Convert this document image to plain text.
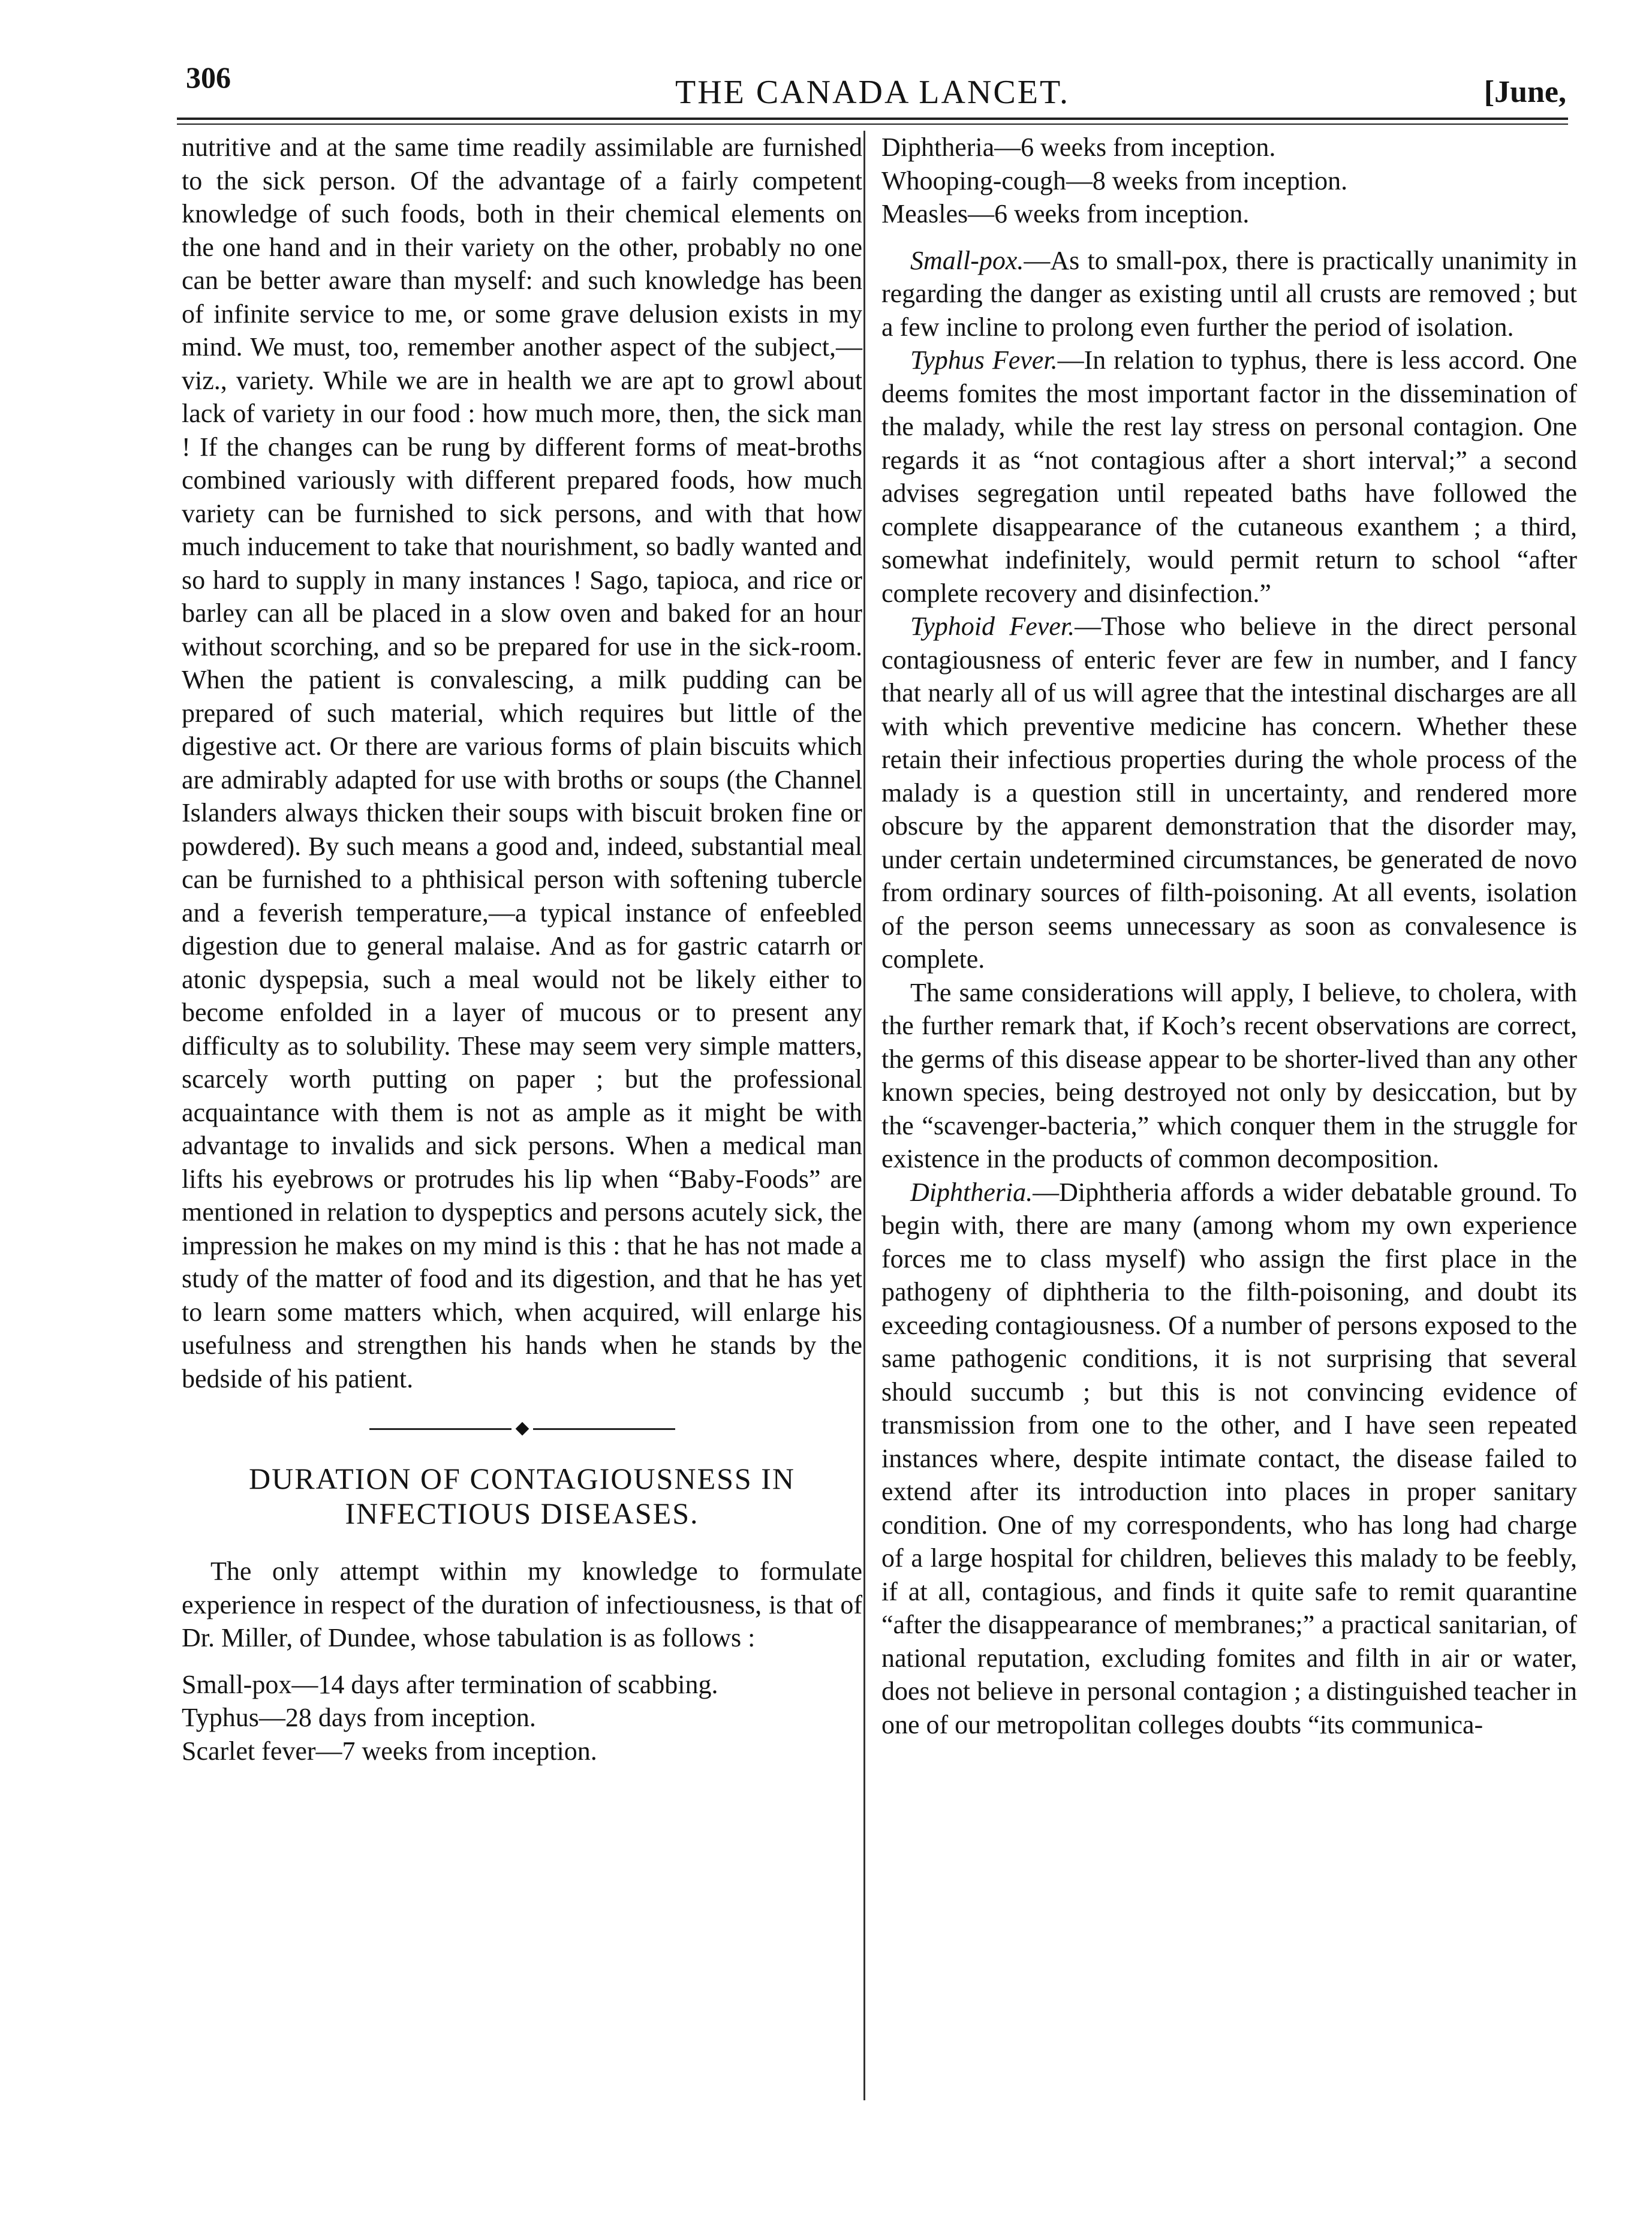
306	THE CANADA LANCET.	[June,

nutritive and at the same time readily assimilable are furnished to the sick person. Of the advantage of a fairly competent knowledge of such foods, both in their chemical elements on the one hand and in their variety on the other, probably no one can be better aware than myself: and such knowledge has been of infinite service to me, or some grave delusion exists in my mind. We must, too, remember another aspect of the subject,—viz., variety. While we are in health we are apt to growl about lack of variety in our food : how much more, then, the sick man ! If the changes can be rung by different forms of meat-broths combined variously with different prepared foods, how much variety can be furnished to sick persons, and with that how much inducement to take that nourishment, so badly wanted and so hard to supply in many instances ! Sago, tapioca, and rice or barley can all be placed in a slow oven and baked for an hour without scorching, and so be prepared for use in the sick-room. When the patient is convalescing, a milk pudding can be prepared of such material, which requires but little of the digestive act. Or there are various forms of plain biscuits which are admirably adapted for use with broths or soups (the Channel Islanders always thicken their soups with biscuit broken fine or powdered). By such means a good and, indeed, substantial meal can be furnished to a phthisical person with softening tubercle and a feverish temperature,—a typical instance of enfeebled digestion due to general malaise. And as for gastric catarrh or atonic dyspepsia, such a meal would not be likely either to become enfolded in a layer of mucous or to present any difficulty as to solubility. These may seem very simple matters, scarcely worth putting on paper ; but the professional acquaintance with them is not as ample as it might be with advantage to invalids and sick persons. When a medical man lifts his eyebrows or protrudes his lip when “Baby-Foods” are mentioned in relation to dyspeptics and persons acutely sick, the impression he makes on my mind is this : that he has not made a study of the matter of food and its digestion, and that he has yet to learn some matters which, when acquired, will enlarge his usefulness and strengthen his hands when he stands by the bedside of his patient.

DURATION OF CONTAGIOUSNESS IN INFECTIOUS DISEASES.

The only attempt within my knowledge to formulate experience in respect of the duration of infectiousness, is that of Dr. Miller, of Dundee, whose tabulation is as follows :

Small-pox—14 days after termination of scabbing.

Typhus—28 days from inception.

Scarlet fever—7 weeks from inception.

Diphtheria—6 weeks from inception.

Whooping-cough—8 weeks from inception.

Measles—6 weeks from inception.

Small-pox.—As to small-pox, there is practically unanimity in regarding the danger as existing until all crusts are removed ; but a few incline to prolong even further the period of isolation.

Typhus Fever.—In relation to typhus, there is less accord. One deems fomites the most important factor in the dissemination of the malady, while the rest lay stress on personal contagion. One regards it as “not contagious after a short interval;” a second advises segregation until repeated baths have followed the complete disappearance of the cutaneous exanthem ; a third, somewhat indefinitely, would permit return to school “after complete recovery and disinfection.”

Typhoid Fever.—Those who believe in the direct personal contagiousness of enteric fever are few in number, and I fancy that nearly all of us will agree that the intestinal discharges are all with which preventive medicine has concern. Whether these retain their infectious properties during the whole process of the malady is a question still in uncertainty, and rendered more obscure by the apparent demonstration that the disorder may, under certain undetermined circumstances, be generated de novo from ordinary sources of filth-poisoning. At all events, isolation of the person seems unnecessary as soon as convalesence is complete.

The same considerations will apply, I believe, to cholera, with the further remark that, if Koch’s recent observations are correct, the germs of this disease appear to be shorter-lived than any other known species, being destroyed not only by desiccation, but by the “scavenger-bacteria,” which conquer them in the struggle for existence in the products of common decomposition.

Diphtheria.—Diphtheria affords a wider debatable ground. To begin with, there are many (among whom my own experience forces me to class myself) who assign the first place in the pathogeny of diphtheria to the filth-poisoning, and doubt its exceeding contagiousness. Of a number of persons exposed to the same pathogenic conditions, it is not surprising that several should succumb ; but this is not convincing evidence of transmission from one to the other, and I have seen repeated instances where, despite intimate contact, the disease failed to extend after its introduction into places in proper sanitary condition. One of my correspondents, who has long had charge of a large hospital for children, believes this malady to be feebly, if at all, contagious, and finds it quite safe to remit quarantine “after the disappearance of membranes;” a practical sanitarian, of national reputation, excluding fomites and filth in air or water, does not believe in personal contagion ; a distinguished teacher in one of our metropolitan colleges doubts “its communica-
